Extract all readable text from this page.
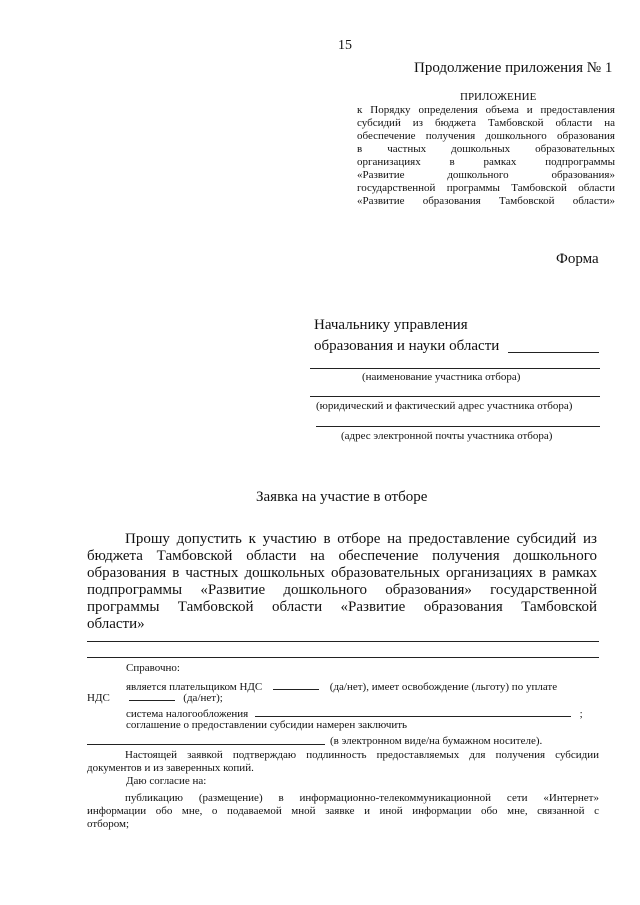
15
Продолжение приложения № 1
ПРИЛОЖЕНИЕ
к Порядку определения объема и предоставления
субсидий из бюджета Тамбовской области на
обеспечение получения дошкольного образования
в частных дошкольных образовательных
организациях в рамках подпрограммы
«Развитие дошкольного образования»
государственной программы Тамбовской области
«Развитие образования Тамбовской области»
Форма
Начальнику управления
образования и науки области
(наименование участника отбора)
(юридический и фактический адрес участника отбора)
(адрес электронной почты участника отбора)
Заявка на участие в отборе
Прошу допустить к участию в отборе на предоставление субсидий из
бюджета Тамбовской области на обеспечение получения дошкольного
образования в частных дошкольных образовательных организациях в рамках
подпрограммы «Развитие дошкольного образования» государственной
программы Тамбовской области «Развитие образования Тамбовской
области»
Справочно:
является плательщиком НДС	(да/нет), имеет освобождение (льготу) по уплате
НДС	(да/нет);
система налогообложения	;
соглашение о предоставлении субсидии намерен заключить
(в электронном виде/на бумажном носителе).
Настоящей заявкой подтверждаю подлинность предоставляемых для получения субсидии
документов и из заверенных копий.
Даю согласие на:
публикацию (размещение) в информационно-телекоммуникационной сети «Интернет»
информации обо мне, о подаваемой мной заявке и иной информации обо мне, связанной с
отбором;
